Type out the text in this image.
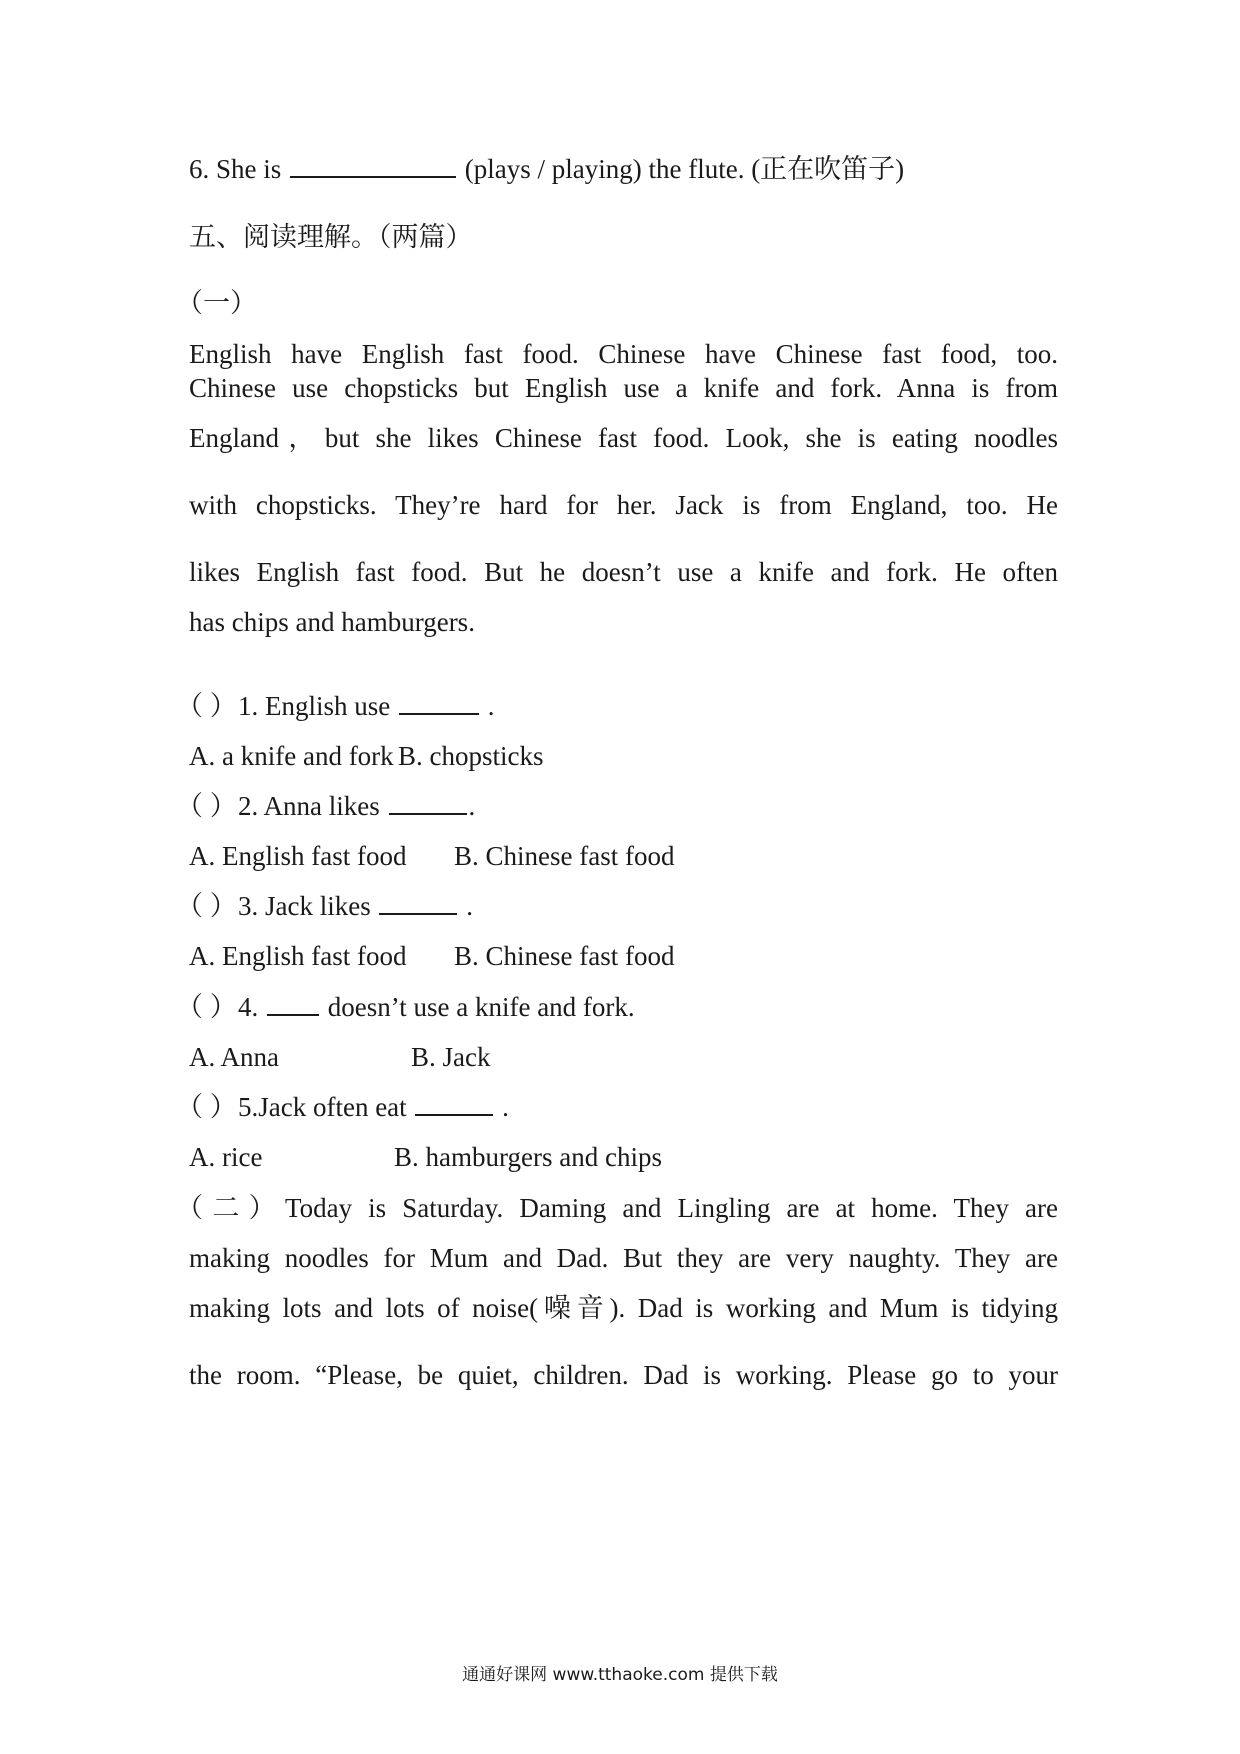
6. She is	(plays / playing) the flute. (正在吹笛子)
五、阅读理解。（两篇）
（一）
English have English fast food. Chinese have Chinese fast food, too.
Chinese use chopsticks but English use a knife and fork. Anna is from
England，but she likes Chinese fast food. Look, she is eating noodles
with chopsticks. They’re hard for her. Jack is from England, too. He
likes English fast food. But he doesn’t use a knife and fork. He often
has chips and hamburgers.
（ ）1. English use	.
A. a knife and fork B. chopsticks
（ ）2. Anna likes	.
A. English fast food B. Chinese fast food
（ ）3. Jack likes	.
A. English fast food B. Chinese fast food
（ ）4.  doesn’t use a knife and fork.
A. Anna	B. Jack
（ ）5.Jack often eat	.
A. rice	B. hamburgers and chips
（二）Today is Saturday. Daming and Lingling are at home. They are
making noodles for Mum and Dad. But they are very naughty. They are
making lots and lots of noise(噪音). Dad is working and Mum is tidying
the room. “Please, be quiet, children. Dad is working. Please go to your
通通好课网 www.tthaoke.com 提供下载
